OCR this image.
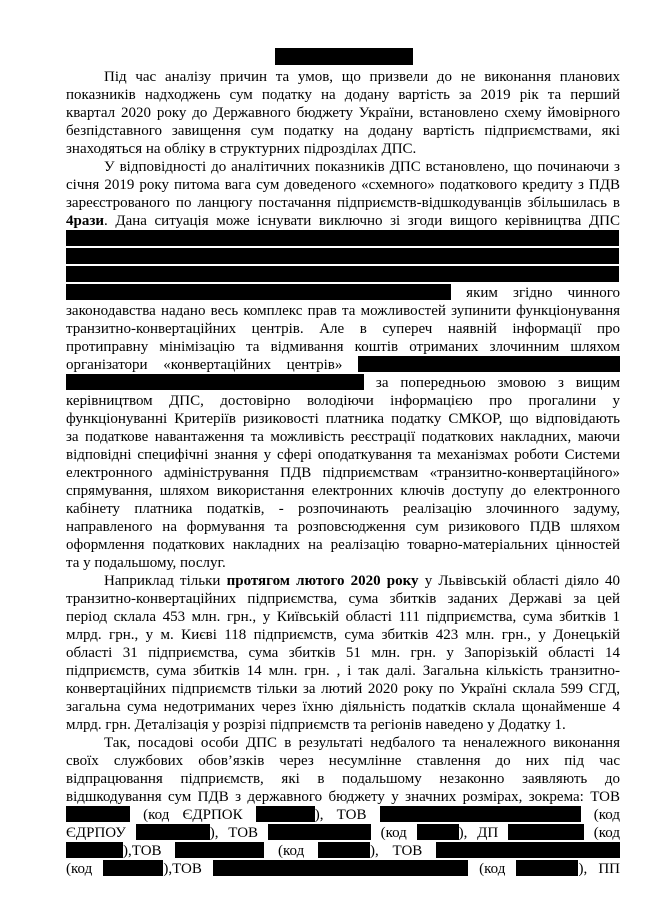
Під час аналізу причин та умов, що призвели до не виконання планових
показників надходжень сум податку на додану вартість за 2019 рік та перший
квартал 2020 року до Державного бюджету України, встановлено схему ймовірного
безпідставного завищення сум податку на додану вартість підприємствами, які
знаходяться на обліку в структурних підрозділах ДПС.
У відповідності до аналітичних показників ДПС встановлено, що починаючи з
січня 2019 року питома вага сум доведеного «схемного» податкового кредиту з ПДВ
зареєстрованого по ланцюгу постачання підприємств-відшкодуванців збільшилась в
4рази. Дана ситуація може існувати виключно зі згоди вищого керівництва ДПС
яким згідно чинного
законодавства надано весь комплекс прав та можливостей зупинити функціонування
транзитно-конвертаційних центрів. Але в супереч наявній інформації про
протиправну мінімізацію та відмивання коштів отриманих злочинним шляхом
організатори «конвертаційних центрів»
за попередньою змовою з вищим
керівництвом ДПС, достовірно володіючи інформацією про прогалини у
функціонуванні Критеріїв ризиковості платника податку СМКОР, що відповідають
за податкове навантаження та можливість реєстрації податкових накладних, маючи
відповідні специфічні знання у сфері оподаткування та механізмах роботи Системи
електронного адміністрування ПДВ підприємствам «транзитно-конвертаційного»
спрямування, шляхом використання електронних ключів доступу до електронного
кабінету платника податків, - розпочинають реалізацію злочинного задуму,
направленого на формування та розповсюдження сум ризикового ПДВ шляхом
оформлення податкових накладних на реалізацію товарно-матеріальних цінностей
та у подальшому, послуг.
Наприклад тільки протягом лютого 2020 року у Львівській області діяло 40
транзитно-конвертаційних підприємства, сума збитків заданих Державі за цей
період склала 453 млн. грн., у Київській області 111 підприємства, сума збитків 1
млрд. грн., у м. Києві 118 підприємств, сума збитків 423 млн. грн., у Донецькій
області 31 підприємства, сума збитків 51 млн. грн. у Запорізькій області 14
підприємств, сума збитків 14 млн. грн. , і так далі. Загальна кількість транзитно-
конвертаційних підприємств тільки за лютий 2020 року по Україні склала 599 СГД,
загальна сума недотриманих через їхню діяльність податків склала щонайменше 4
млрд. грн. Деталізація у розрізі підприємств та регіонів наведено у Додатку 1.
Так, посадові особи ДПС в результаті недбалого та неналежного виконання
своїх службових обов’язків через несумлінне ставлення до них під час
відпрацювання підприємств, які в подальшому незаконно заявляють до
відшкодування сум ПДВ з державного бюджету у значних розмірах, зокрема: ТОВ
(код ЄДРПОК	), ТОВ	(код
ЄДРПОУ	), ТОВ	(код	), ДП	(код
),ТОВ	(код	), ТОВ
(код	),ТОВ	(код	), ПП
